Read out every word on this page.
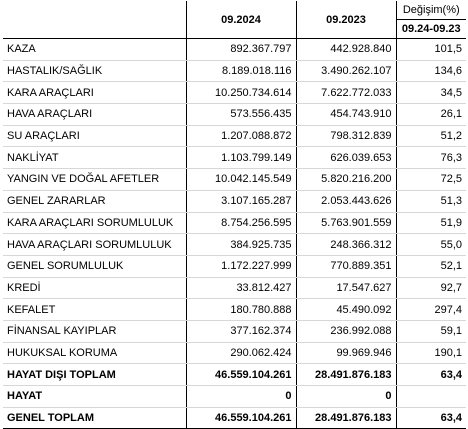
	09.2024	09.2023	Değişim(%)
09.24-09.23

KAZA	892.367.797	442.928.840	101,5
HASTALIK/SAĞLIK	8.189.018.116	3.490.262.107	134,6
KARA ARAÇLARI	10.250.734.614	7.622.772.033	34,5
HAVA ARAÇLARI	573.556.435	454.743.910	26,1
SU ARAÇLARI	1.207.088.872	798.312.839	51,2
NAKLİYAT	1.103.799.149	626.039.653	76,3
YANGIN VE DOĞAL AFETLER	10.042.145.549	5.820.216.200	72,5
GENEL ZARARLAR	3.107.165.287	2.053.443.626	51,3
KARA ARAÇLARI SORUMLULUK	8.754.256.595	5.763.901.559	51,9
HAVA ARAÇLARI SORUMLULUK	384.925.735	248.366.312	55,0
GENEL SORUMLULUK	1.172.227.999	770.889.351	52,1
KREDİ	33.812.427	17.547.627	92,7
KEFALET	180.780.888	45.490.092	297,4
FİNANSAL KAYIPLAR	377.162.374	236.992.088	59,1
HUKUKSAL KORUMA	290.062.424	99.969.946	190,1
HAYAT DIŞI TOPLAM	46.559.104.261	28.491.876.183	63,4
HAYAT	0	0	
GENEL TOPLAM	46.559.104.261	28.491.876.183	63,4
